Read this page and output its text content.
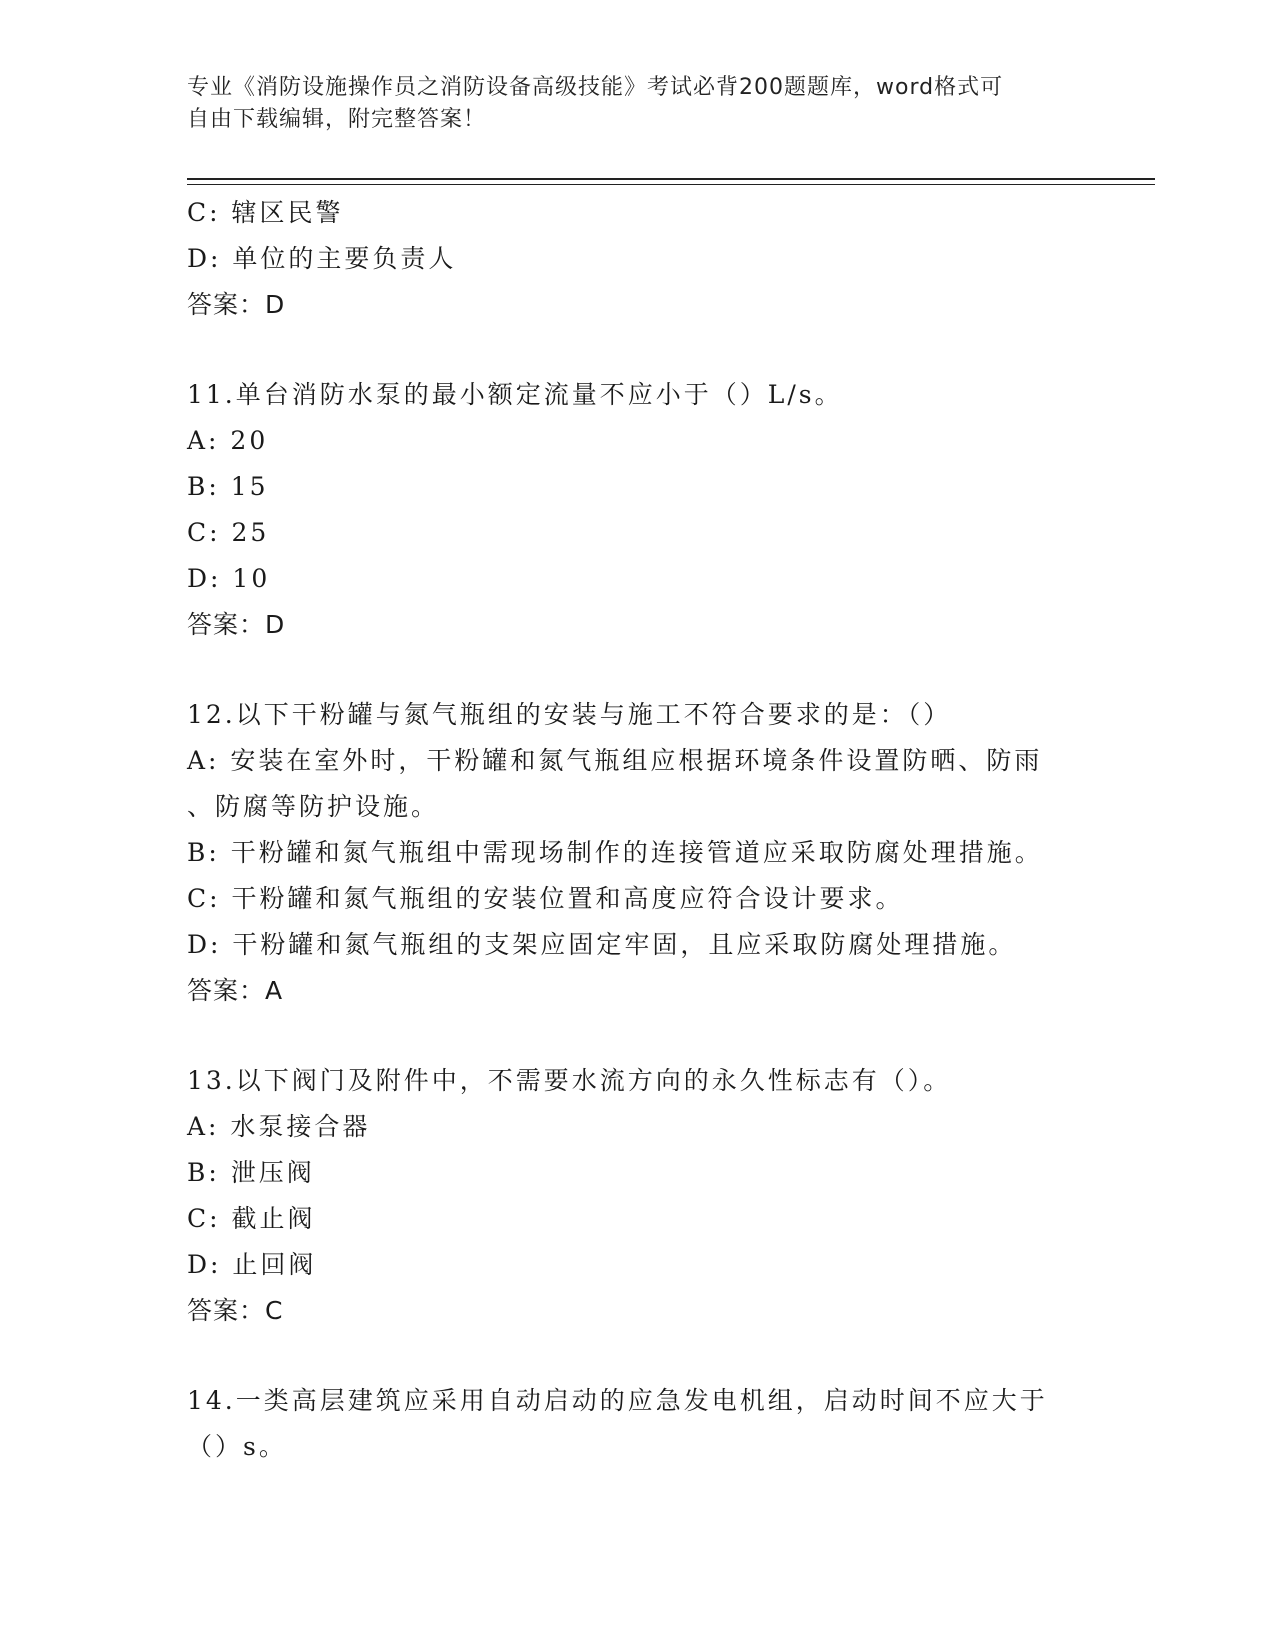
专业《消防设施操作员之消防设备高级技能》考试必背200题题库，word格式可
自由下载编辑，附完整答案！
C: 辖区民警
D: 单位的主要负责人
答案：D
11.单台消防水泵的最小额定流量不应小于（）L/s。
A: 20
B: 15
C: 25
D: 10
答案：D
12.以下干粉罐与氮气瓶组的安装与施工不符合要求的是：（）
A: 安装在室外时，干粉罐和氮气瓶组应根据环境条件设置防晒、防雨
、防腐等防护设施。
B: 干粉罐和氮气瓶组中需现场制作的连接管道应采取防腐处理措施。
C: 干粉罐和氮气瓶组的安装位置和高度应符合设计要求。
D: 干粉罐和氮气瓶组的支架应固定牢固，且应采取防腐处理措施。
答案：A
13.以下阀门及附件中，不需要水流方向的永久性标志有（）。
A: 水泵接合器
B: 泄压阀
C: 截止阀
D: 止回阀
答案：C
14.一类高层建筑应采用自动启动的应急发电机组，启动时间不应大于
（）s。
